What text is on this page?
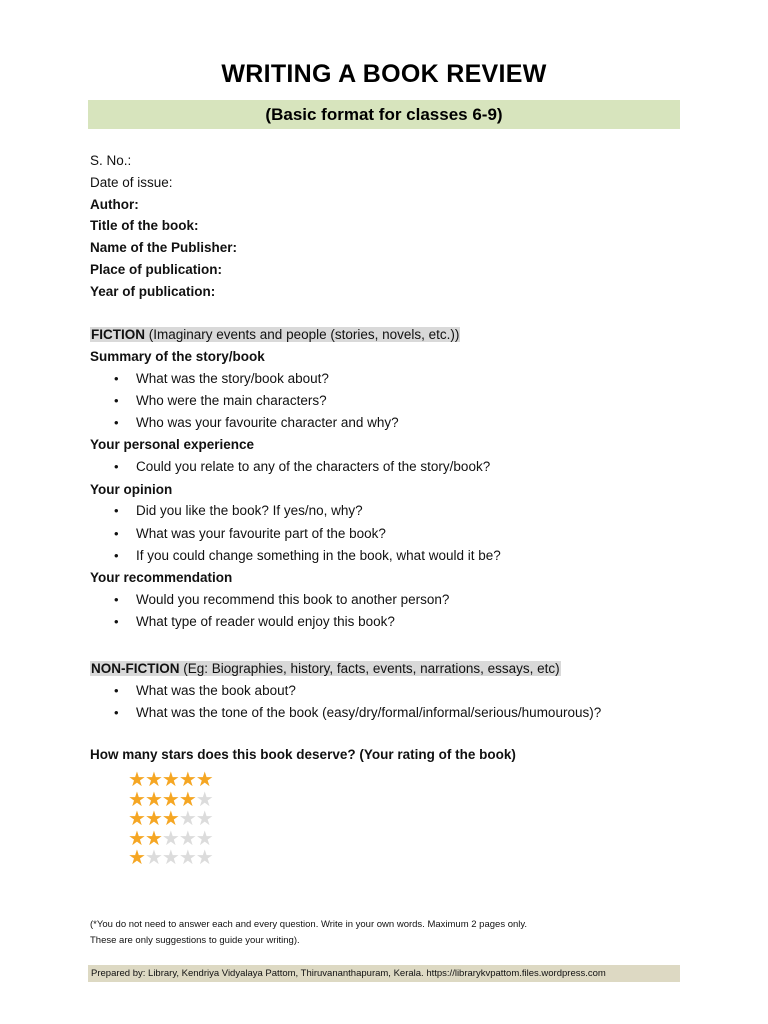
WRITING A BOOK REVIEW
(Basic format for classes 6-9)
S. No.:
Date of issue:
Author:
Title of the book:
Name of the Publisher:
Place of publication:
Year of publication:
FICTION (Imaginary events and people (stories, novels, etc.))
Summary of the story/book
• What was the story/book about?
• Who were the main characters?
• Who was your favourite character and why?
Your personal experience
• Could you relate to any of the characters of the story/book?
Your opinion
• Did you like the book? If yes/no, why?
• What was your favourite part of the book?
• If you could change something in the book, what would it be?
Your recommendation
• Would you recommend this book to another person?
• What type of reader would enjoy this book?
NON-FICTION (Eg: Biographies, history, facts, events, narrations, essays, etc)
• What was the book about?
• What was the tone of the book (easy/dry/formal/informal/serious/humourous)?
How many stars does this book deserve? (Your rating of the book)
★★★★★
★★★★★
★★★★★
★★★★★
★★★★★
(*You do not need to answer each and every question. Write in your own words. Maximum 2 pages only.
These are only suggestions to guide your writing).
Prepared by: Library, Kendriya Vidyalaya Pattom, Thiruvananthapuram, Kerala. https://librarykvpattom.files.wordpress.com
